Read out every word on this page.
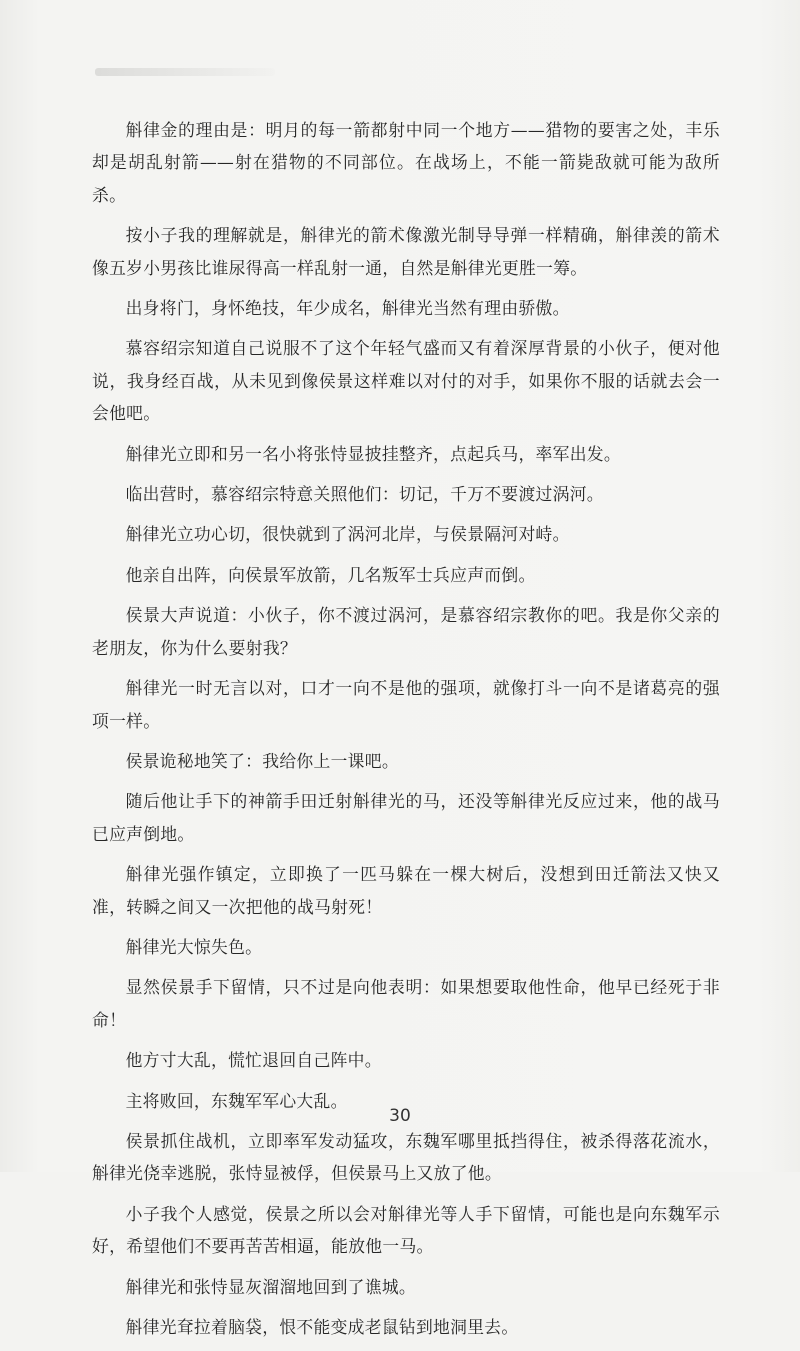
斛律金的理由是：明月的每一箭都射中同一个地方——猎物的要害之处，丰乐却是胡乱射箭——射在猎物的不同部位。在战场上，不能一箭毙敌就可能为敌所杀。

按小子我的理解就是，斛律光的箭术像激光制导导弹一样精确，斛律羡的箭术像五岁小男孩比谁尿得高一样乱射一通，自然是斛律光更胜一筹。

出身将门，身怀绝技，年少成名，斛律光当然有理由骄傲。

慕容绍宗知道自己说服不了这个年轻气盛而又有着深厚背景的小伙子，便对他说，我身经百战，从未见到像侯景这样难以对付的对手，如果你不服的话就去会一会他吧。

斛律光立即和另一名小将张恃显披挂整齐，点起兵马，率军出发。

临出营时，慕容绍宗特意关照他们：切记，千万不要渡过涡河。

斛律光立功心切，很快就到了涡河北岸，与侯景隔河对峙。

他亲自出阵，向侯景军放箭，几名叛军士兵应声而倒。

侯景大声说道：小伙子，你不渡过涡河，是慕容绍宗教你的吧。我是你父亲的老朋友，你为什么要射我？

斛律光一时无言以对，口才一向不是他的强项，就像打斗一向不是诸葛亮的强项一样。

侯景诡秘地笑了：我给你上一课吧。

随后他让手下的神箭手田迁射斛律光的马，还没等斛律光反应过来，他的战马已应声倒地。

斛律光强作镇定，立即换了一匹马躲在一棵大树后，没想到田迁箭法又快又准，转瞬之间又一次把他的战马射死！

斛律光大惊失色。

显然侯景手下留情，只不过是向他表明：如果想要取他性命，他早已经死于非命！

他方寸大乱，慌忙退回自己阵中。

主将败回，东魏军军心大乱。

侯景抓住战机，立即率军发动猛攻，东魏军哪里抵挡得住，被杀得落花流水，斛律光侥幸逃脱，张恃显被俘，但侯景马上又放了他。

小子我个人感觉，侯景之所以会对斛律光等人手下留情，可能也是向东魏军示好，希望他们不要再苦苦相逼，能放他一马。

斛律光和张恃显灰溜溜地回到了谯城。

斛律光耷拉着脑袋，恨不能变成老鼠钻到地洞里去。

30
